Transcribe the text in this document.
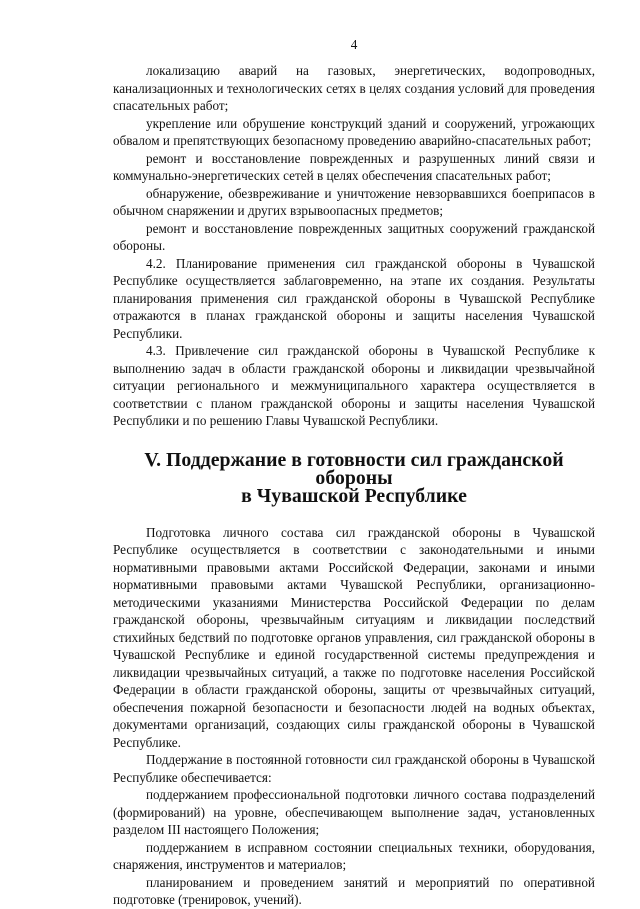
4

локализацию аварий на газовых, энергетических, водопроводных, канализационных и технологических сетях в целях создания условий для проведения спасательных работ;

укрепление или обрушение конструкций зданий и сооружений, угрожающих обвалом и препятствующих безопасному проведению аварийно-спасательных работ;

ремонт и восстановление поврежденных и разрушенных линий связи и коммунально-энергетических сетей в целях обеспечения спасательных работ;

обнаружение, обезвреживание и уничтожение невзорвавшихся боеприпасов в обычном снаряжении и других взрывоопасных предметов;

ремонт и восстановление поврежденных защитных сооружений гражданской обороны.

4.2. Планирование применения сил гражданской обороны в Чувашской Республике осуществляется заблаговременно, на этапе их создания. Результаты планирования применения сил гражданской обороны в Чувашской Республике отражаются в планах гражданской обороны и защиты населения Чувашской Республики.

4.3. Привлечение сил гражданской обороны в Чувашской Республике к выполнению задач в области гражданской обороны и ликвидации чрезвычайной ситуации регионального и межмуниципального характера осуществляется в соответствии с планом гражданской обороны и защиты населения Чувашской Республики и по решению Главы Чувашской Республики.

V. Поддержание в готовности сил гражданской обороны
в Чувашской Республике

Подготовка личного состава сил гражданской обороны в Чувашской Республике осуществляется в соответствии с законодательными и иными нормативными правовыми актами Российской Федерации, законами и иными нормативными правовыми актами Чувашской Республики, организационно-методическими указаниями Министерства Российской Федерации по делам гражданской обороны, чрезвычайным ситуациям и ликвидации последствий стихийных бедствий по подготовке органов управления, сил гражданской обороны в Чувашской Республике и единой государственной системы предупреждения и ликвидации чрезвычайных ситуаций, а также по подготовке населения Российской Федерации в области гражданской обороны, защиты от чрезвычайных ситуаций, обеспечения пожарной безопасности и безопасности людей на водных объектах, документами организаций, создающих силы гражданской обороны в Чувашской Республике.

Поддержание в постоянной готовности сил гражданской обороны в Чувашской Республике обеспечивается:

поддержанием профессиональной подготовки личного состава подразделений (формирований) на уровне, обеспечивающем выполнение задач, установленных разделом III настоящего Положения;

поддержанием в исправном состоянии специальных техники, оборудования, снаряжения, инструментов и материалов;

планированием и проведением занятий и мероприятий по оперативной подготовке (тренировок, учений).
